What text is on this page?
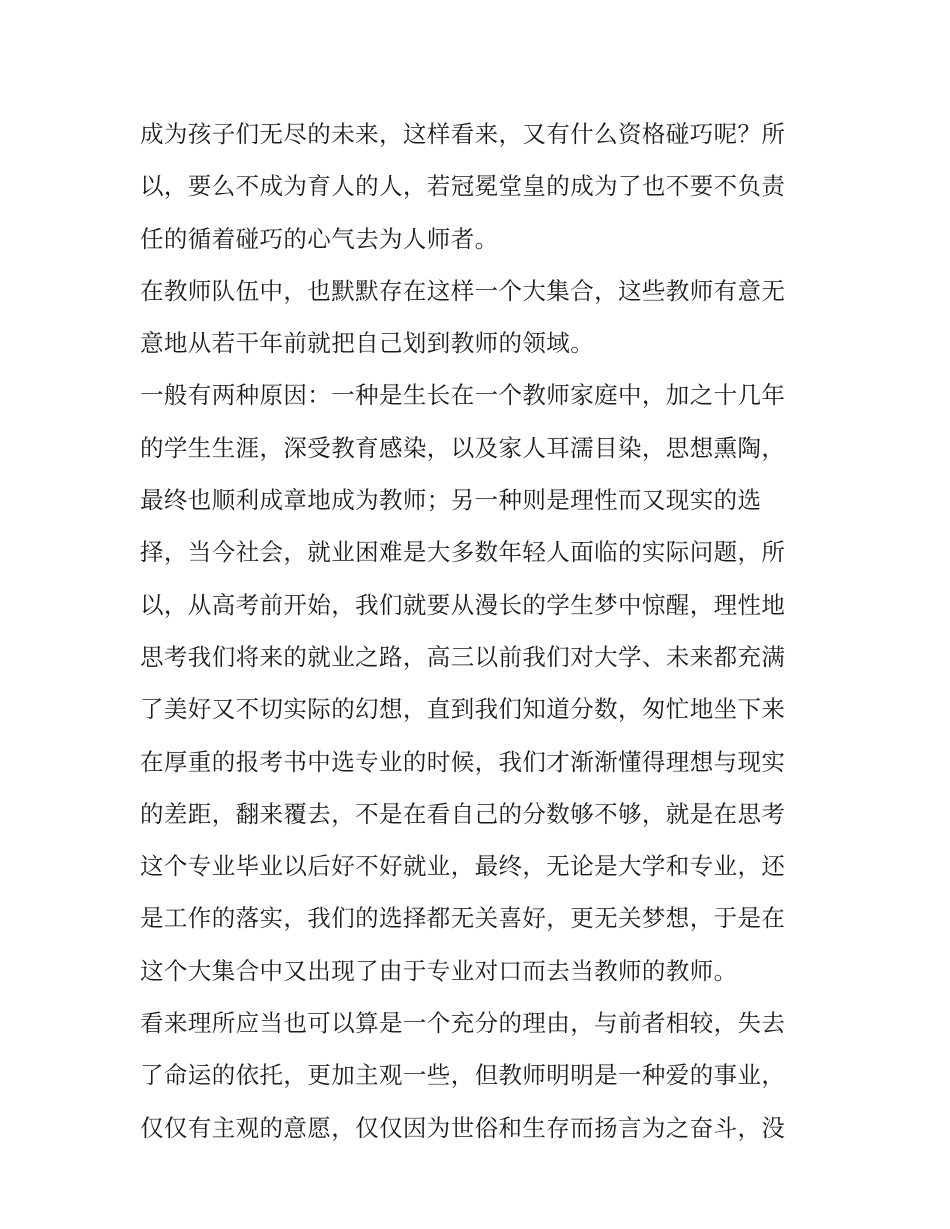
成为孩子们无尽的未来，这样看来，又有什么资格碰巧呢？所
以，要么不成为育人的人，若冠冕堂皇的成为了也不要不负责
任的循着碰巧的心气去为人师者。
在教师队伍中，也默默存在这样一个大集合，这些教师有意无
意地从若干年前就把自己划到教师的领域。
一般有两种原因：一种是生长在一个教师家庭中，加之十几年
的学生生涯，深受教育感染，以及家人耳濡目染，思想熏陶，
最终也顺利成章地成为教师；另一种则是理性而又现实的选
择，当今社会，就业困难是大多数年轻人面临的实际问题，所
以，从高考前开始，我们就要从漫长的学生梦中惊醒，理性地
思考我们将来的就业之路，高三以前我们对大学、未来都充满
了美好又不切实际的幻想，直到我们知道分数，匆忙地坐下来
在厚重的报考书中选专业的时候，我们才渐渐懂得理想与现实
的差距，翻来覆去，不是在看自己的分数够不够，就是在思考
这个专业毕业以后好不好就业，最终，无论是大学和专业，还
是工作的落实，我们的选择都无关喜好，更无关梦想，于是在
这个大集合中又出现了由于专业对口而去当教师的教师。
看来理所应当也可以算是一个充分的理由，与前者相较，失去
了命运的依托，更加主观一些，但教师明明是一种爱的事业，
仅仅有主观的意愿，仅仅因为世俗和生存而扬言为之奋斗，没
